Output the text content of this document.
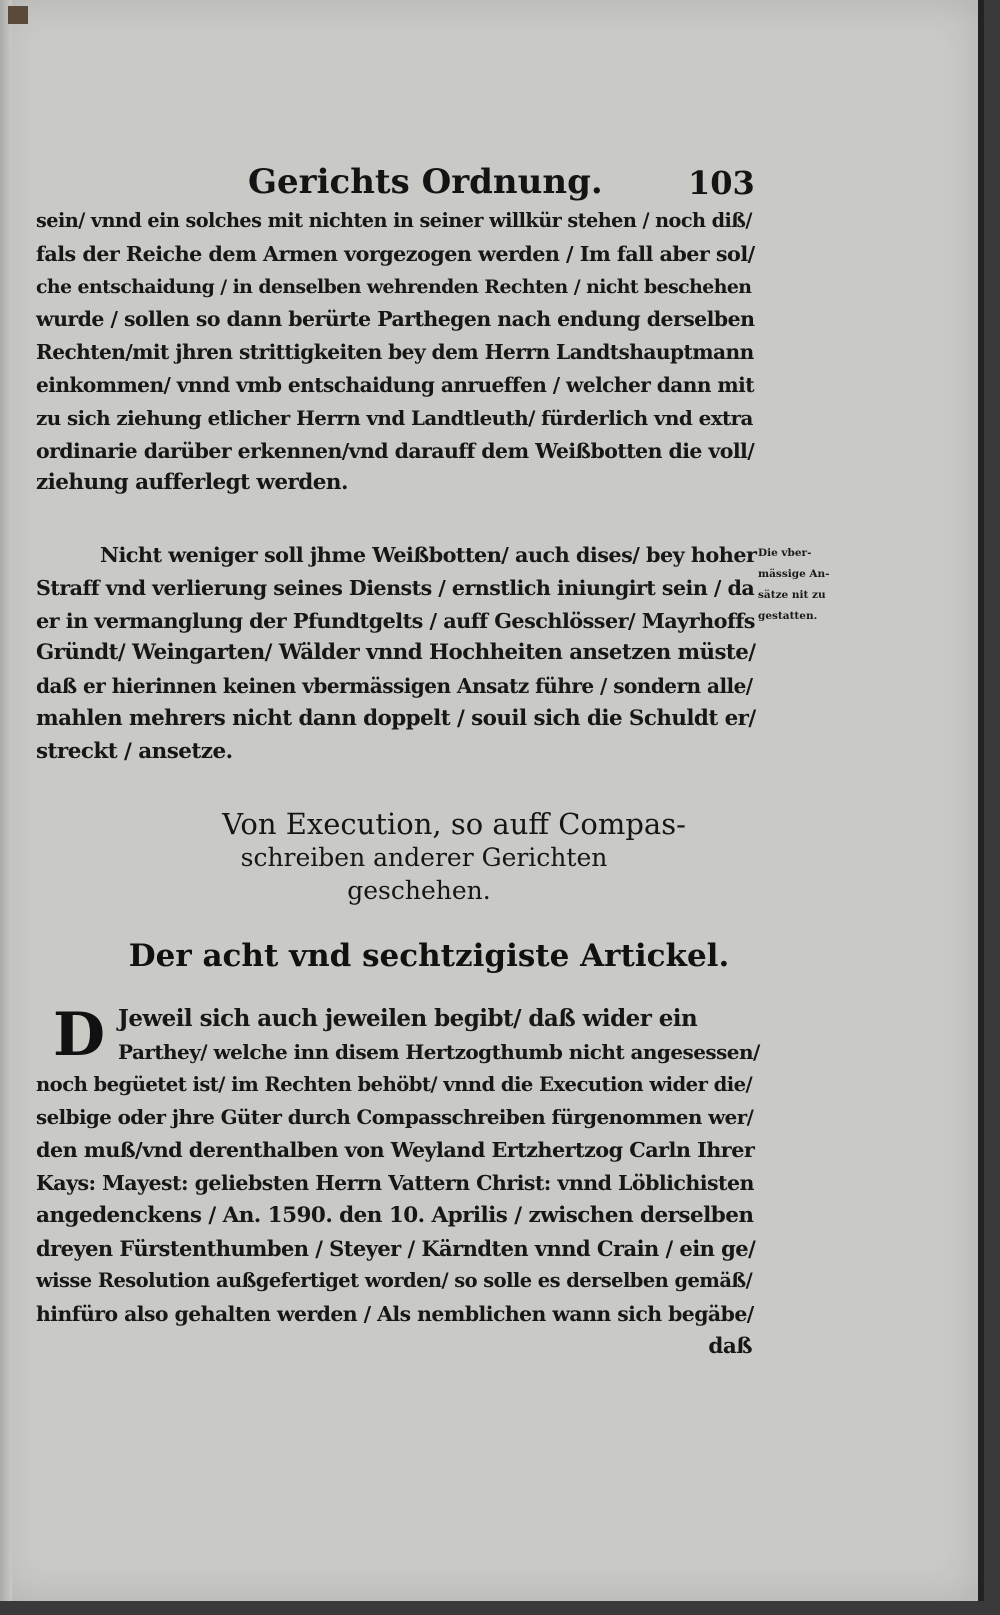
Gerichts Ordnung.	103
sein/ vnnd ein solches mit nichten in seiner willkür stehen / noch diß/
fals der Reiche dem Armen vorgezogen werden / Im fall aber sol/
che entschaidung / in denselben wehrenden Rechten / nicht beschehen
wurde / sollen so dann berürte Parthegen nach endung derselben
Rechten/mit jhren strittigkeiten bey dem Herrn Landtshauptmann
einkommen/ vnnd vmb entschaidung anrueffen / welcher dann mit
zu sich ziehung etlicher Herrn vnd Landtleuth/ fürderlich vnd extra
ordinarie darüber erkennen/vnd darauff dem Weißbotten die voll/
ziehung aufferlegt werden.
Nicht weniger soll jhme Weißbotten/ auch dises/ bey hoher
Straff vnd verlierung seines Diensts / ernstlich iniungirt sein / da
er in vermanglung der Pfundtgelts / auff Geschlösser/ Mayrhoffs
Gründt/ Weingarten/ Wälder vnnd Hochheiten ansetzen müste/
daß er hierinnen keinen vbermässigen Ansatz führe / sondern alle/
mahlen mehrers nicht dann doppelt / souil sich die Schuldt er/
streckt / ansetze.
Die vber-
mässige An-
sätze nit zu
gestatten.
Von Execution, so auff Compas-
schreiben anderer Gerichten
geschehen.
Der acht vnd sechtzigiste Artickel.
D Jeweil sich auch jeweilen begibt/ daß wider ein
Parthey/ welche inn disem Hertzogthumb nicht angesessen/
noch begüetet ist/ im Rechten behöbt/ vnnd die Execution wider die/
selbige oder jhre Güter durch Compasschreiben fürgenommen wer/
den muß/vnd derenthalben von Weyland Ertzhertzog Carln Ihrer
Kays: Mayest: geliebsten Herrn Vattern Christ: vnnd Löblichisten
angedenckens / An. 1590. den 10. Aprilis / zwischen derselben
dreyen Fürstenthumben / Steyer / Kärndten vnnd Crain / ein ge/
wisse Resolution außgefertiget worden/ so solle es derselben gemäß/
hinfüro also gehalten werden / Als nemblichen wann sich begäbe/
daß
